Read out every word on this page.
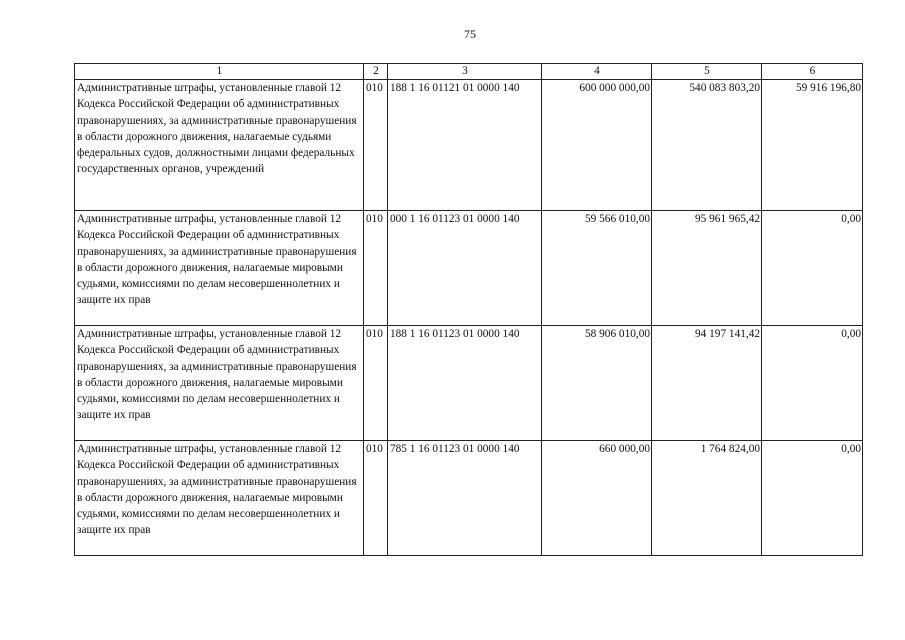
75
1	2	3	4	5	6
Административные штрафы, установленные главой 12 Кодекса Российской Федерации об административных правонарушениях, за административные правонарушения в области дорожного движения, налагаемые судьями федеральных судов, должностными лицами федеральных государственных органов, учреждений	010	188 1 16 01121 01 0000 140	600 000 000,00	540 083 803,20	59 916 196,80
Административные штрафы, установленные главой 12 Кодекса Российской Федерации об административных правонарушениях, за административные правонарушения в области дорожного движения, налагаемые мировыми судьями, комиссиями по делам несовершеннолетних и защите их прав	010	000 1 16 01123 01 0000 140	59 566 010,00	95 961 965,42	0,00
Административные штрафы, установленные главой 12 Кодекса Российской Федерации об административных правонарушениях, за административные правонарушения в области дорожного движения, налагаемые мировыми судьями, комиссиями по делам несовершеннолетних и защите их прав	010	188 1 16 01123 01 0000 140	58 906 010,00	94 197 141,42	0,00
Административные штрафы, установленные главой 12 Кодекса Российской Федерации об административных правонарушениях, за административные правонарушения в области дорожного движения, налагаемые мировыми судьями, комиссиями по делам несовершеннолетних и защите их прав	010	785 1 16 01123 01 0000 140	660 000,00	1 764 824,00	0,00
